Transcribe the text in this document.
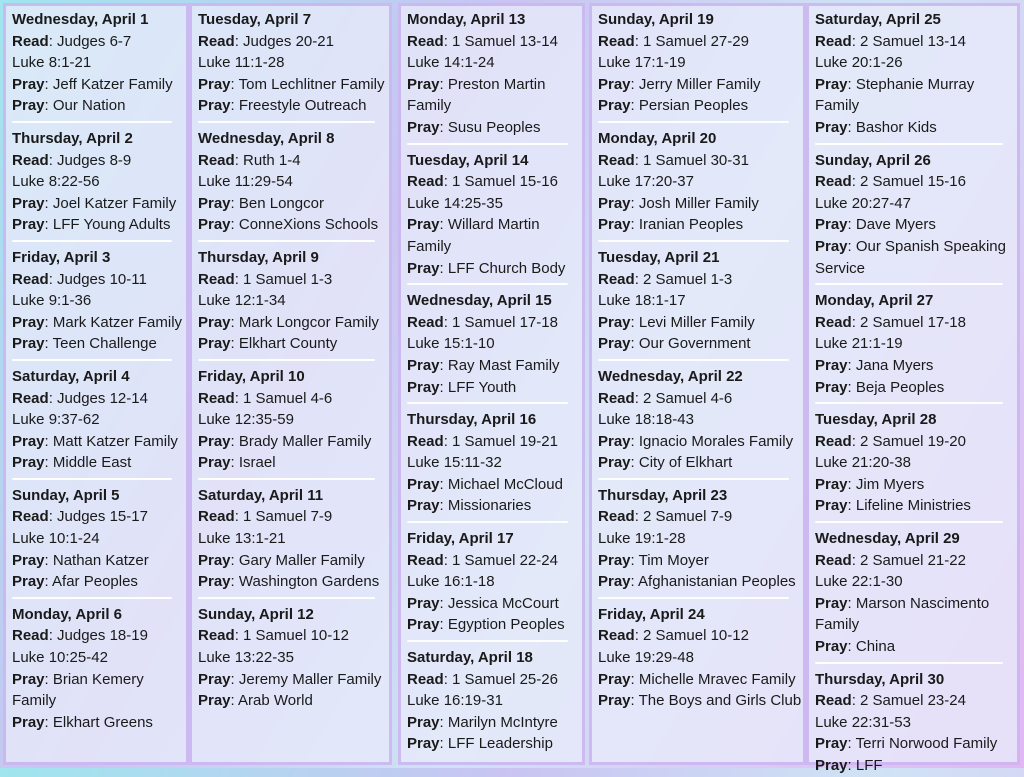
Wednesday, April 1
Read: Judges 6-7
Luke 8:1-21
Pray: Jeff Katzer Family
Pray: Our Nation
Thursday, April 2
Read: Judges 8-9
Luke 8:22-56
Pray: Joel Katzer Family
Pray: LFF Young Adults
Friday, April 3
Read: Judges 10-11
Luke 9:1-36
Pray: Mark Katzer Family
Pray: Teen Challenge
Saturday, April 4
Read: Judges 12-14
Luke 9:37-62
Pray: Matt Katzer Family
Pray: Middle East
Sunday, April 5
Read: Judges 15-17
Luke 10:1-24
Pray: Nathan Katzer
Pray: Afar Peoples
Monday, April 6
Read: Judges 18-19
Luke 10:25-42
Pray: Brian Kemery Family
Pray: Elkhart Greens
Tuesday, April 7
Read: Judges 20-21
Luke 11:1-28
Pray: Tom Lechlitner Family
Pray: Freestyle Outreach
Wednesday, April 8
Read: Ruth 1-4
Luke 11:29-54
Pray: Ben Longcor
Pray: ConneXions Schools
Thursday, April 9
Read: 1 Samuel 1-3
Luke 12:1-34
Pray: Mark Longcor Family
Pray: Elkhart County
Friday, April 10
Read: 1 Samuel 4-6
Luke 12:35-59
Pray: Brady Maller Family
Pray: Israel
Saturday, April 11
Read: 1 Samuel 7-9
Luke 13:1-21
Pray: Gary Maller Family
Pray: Washington Gardens
Sunday, April 12
Read: 1 Samuel 10-12
Luke 13:22-35
Pray: Jeremy Maller Family
Pray: Arab World
Monday, April 13
Read: 1 Samuel 13-14
Luke 14:1-24
Pray: Preston Martin Family
Pray: Susu Peoples
Tuesday, April 14
Read: 1 Samuel 15-16
Luke 14:25-35
Pray: Willard Martin Family
Pray: LFF Church Body
Wednesday, April 15
Read: 1 Samuel 17-18
Luke 15:1-10
Pray: Ray Mast Family
Pray: LFF Youth
Thursday, April 16
Read: 1 Samuel 19-21
Luke 15:11-32
Pray: Michael McCloud
Pray: Missionaries
Friday, April 17
Read: 1 Samuel 22-24
Luke 16:1-18
Pray: Jessica McCourt
Pray: Egyption Peoples
Saturday, April 18
Read: 1 Samuel 25-26
Luke 16:19-31
Pray: Marilyn McIntyre
Pray: LFF Leadership
Sunday, April 19
Read: 1 Samuel 27-29
Luke 17:1-19
Pray: Jerry Miller Family
Pray: Persian Peoples
Monday, April 20
Read: 1 Samuel 30-31
Luke 17:20-37
Pray: Josh Miller Family
Pray: Iranian Peoples
Tuesday, April 21
Read: 2 Samuel 1-3
Luke 18:1-17
Pray: Levi Miller Family
Pray: Our Government
Wednesday, April 22
Read: 2 Samuel 4-6
Luke 18:18-43
Pray: Ignacio Morales Family
Pray: City of Elkhart
Thursday, April 23
Read: 2 Samuel 7-9
Luke 19:1-28
Pray: Tim Moyer
Pray: Afghanistanian Peoples
Friday, April 24
Read: 2 Samuel 10-12
Luke 19:29-48
Pray: Michelle Mravec Family
Pray: The Boys and Girls Club
Saturday, April 25
Read: 2 Samuel 13-14
Luke 20:1-26
Pray: Stephanie Murray Family
Pray: Bashor Kids
Sunday, April 26
Read: 2 Samuel 15-16
Luke 20:27-47
Pray: Dave Myers
Pray: Our Spanish Speaking Service
Monday, April 27
Read: 2 Samuel 17-18
Luke 21:1-19
Pray: Jana Myers
Pray: Beja Peoples
Tuesday, April 28
Read: 2 Samuel 19-20
Luke 21:20-38
Pray: Jim Myers
Pray: Lifeline Ministries
Wednesday, April 29
Read: 2 Samuel 21-22
Luke 22:1-30
Pray: Marson Nascimento Family
Pray: China
Thursday, April 30
Read: 2 Samuel 23-24
Luke 22:31-53
Pray: Terri Norwood Family
Pray: LFF
